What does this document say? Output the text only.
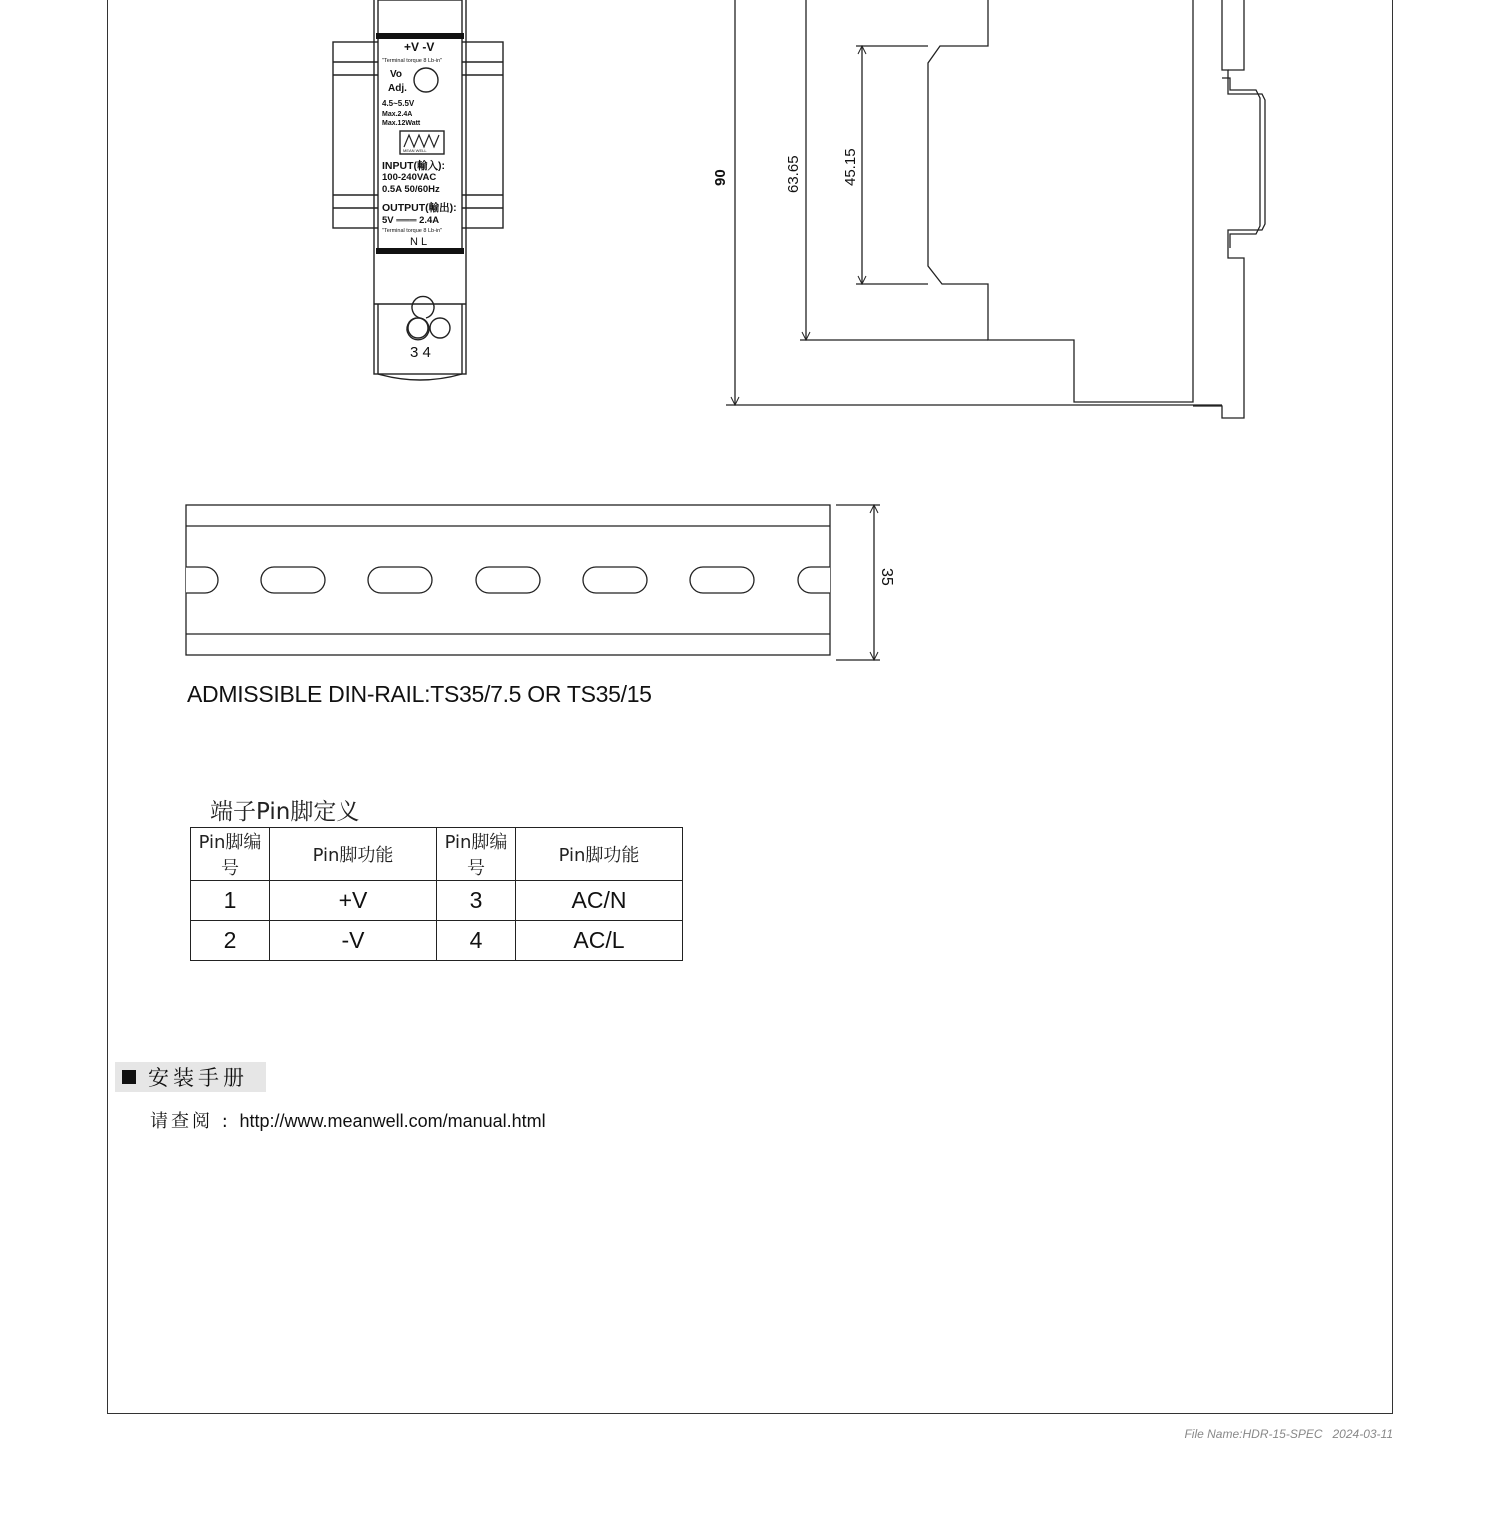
+V -V
"Terminal torque 8 Lb-in"
Vo
Adj.
4.5~5.5V
Max.2.4A
Max.12Watt
MEAN WELL
INPUT(輸入):
100-240VAC
0.5A 50/60Hz
OUTPUT(輸出):
5V ═══ 2.4A
"Terminal torque 8 Lb-in"
N L
3 4
90	63.65	45.15
35
ADMISSIBLE DIN-RAIL:TS35/7.5 OR TS35/15
端子Pin脚定义
Pin脚编号	Pin脚功能	Pin脚编号	Pin脚功能
1	+V	3	AC/N
2	-V	4	AC/L
安装手册
请查阅 : http://www.meanwell.com/manual.html
File Name:HDR-15-SPEC 2024-03-11
